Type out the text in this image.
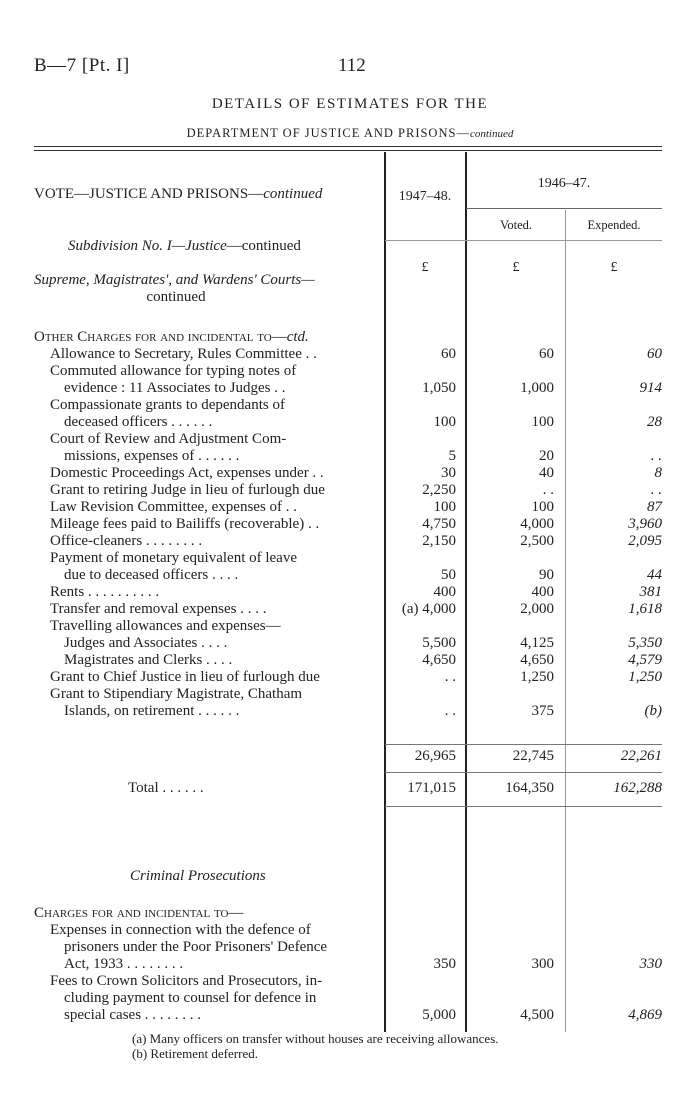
B—7 [Pt. I]	112
DETAILS OF ESTIMATES FOR THE
DEPARTMENT OF JUSTICE AND PRISONS—continued
VOTE—JUSTICE AND PRISONS—continued	1947–48.
1946–47.
Voted.	Expended.
Subdivision No. I—Justice—continued
Supreme, Magistrates', and Wardens' Courts—
continued
£	£	£
Other Charges for and incidental to—ctd.
Allowance to Secretary, Rules Committee . .	60	60	60
Commuted allowance for typing notes of
evidence : 11 Associates to Judges . .	1,050	1,000	914
Compassionate grants to dependants of
deceased officers . . . . . .	100	100	28
Court of Review and Adjustment Com-
missions, expenses of . . . . . .	5	20	. .
Domestic Proceedings Act, expenses under . .	30	40	8
Grant to retiring Judge in lieu of furlough due	2,250	. .	. .
Law Revision Committee, expenses of . .	100	100	87
Mileage fees paid to Bailiffs (recoverable) . .	4,750	4,000	3,960
Office-cleaners . . . . . . . .	2,150	2,500	2,095
Payment of monetary equivalent of leave
due to deceased officers . . . .	50	90	44
Rents . . . . . . . . . .	400	400	381
Transfer and removal expenses . . . .	(a) 4,000	2,000	1,618
Travelling allowances and expenses—
Judges and Associates . . . .	5,500	4,125	5,350
Magistrates and Clerks . . . .	4,650	4,650	4,579
Grant to Chief Justice in lieu of furlough due	. .	1,250	1,250
Grant to Stipendiary Magistrate, Chatham
Islands, on retirement . . . . . .	. .	375	(b)
26,965	22,745	22,261
Total . . . . . .	171,015	164,350	162,288
Criminal Prosecutions
Charges for and incidental to—
Expenses in connection with the defence of
prisoners under the Poor Prisoners' Defence
Act, 1933 . . . . . . . .	350	300	330
Fees to Crown Solicitors and Prosecutors, in-
cluding payment to counsel for defence in
special cases . . . . . . . .	5,000	4,500	4,869
(a) Many officers on transfer without houses are receiving allowances.
(b) Retirement deferred.
